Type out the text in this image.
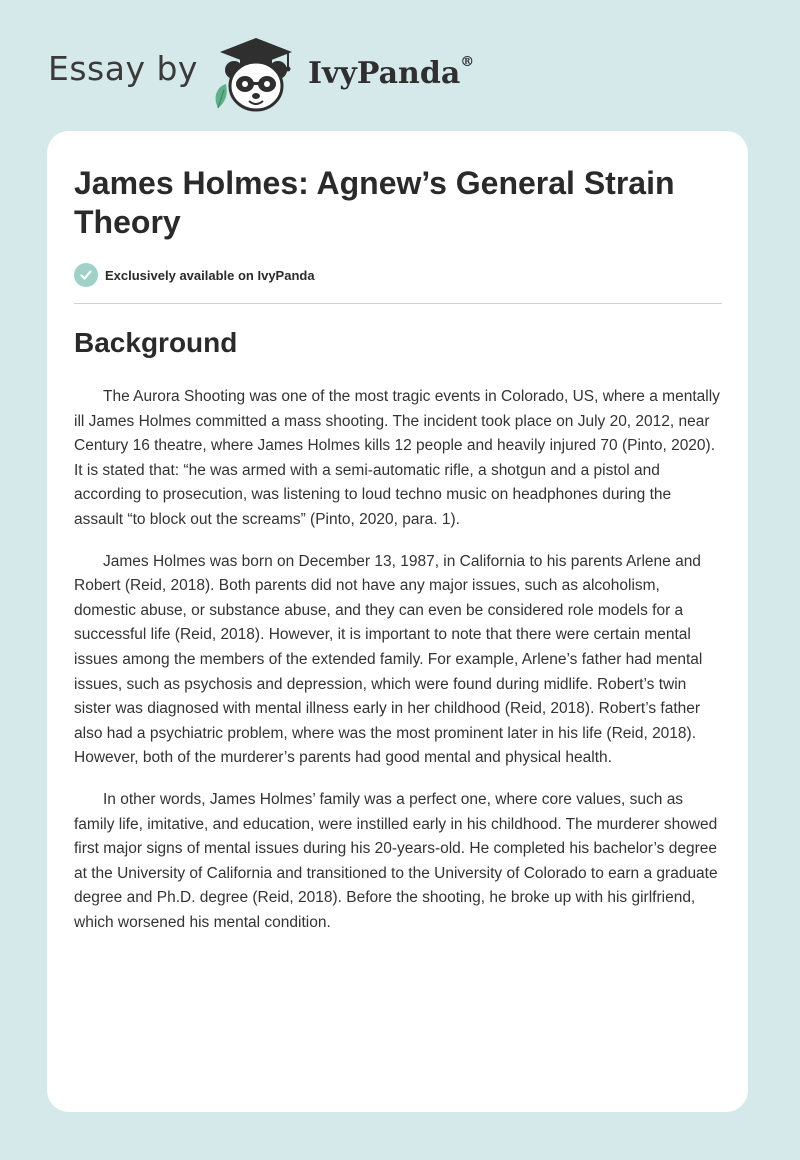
Essay by	IvyPanda®
James Holmes: Agnew’s General Strain Theory
Exclusively available on IvyPanda
Background

The Aurora Shooting was one of the most tragic events in Colorado, US, where a mentally ill James Holmes committed a mass shooting. The incident took place on July 20, 2012, near Century 16 theatre, where James Holmes kills 12 people and heavily injured 70 (Pinto, 2020). It is stated that: “he was armed with a semi-automatic rifle, a shotgun and a pistol and according to prosecution, was listening to loud techno music on headphones during the assault “to block out the screams” (Pinto, 2020, para. 1).

James Holmes was born on December 13, 1987, in California to his parents Arlene and Robert (Reid, 2018). Both parents did not have any major issues, such as alcoholism, domestic abuse, or substance abuse, and they can even be considered role models for a successful life (Reid, 2018). However, it is important to note that there were certain mental issues among the members of the extended family. For example, Arlene’s father had mental issues, such as psychosis and depression, which were found during midlife. Robert’s twin sister was diagnosed with mental illness early in her childhood (Reid, 2018). Robert’s father also had a psychiatric problem, where was the most prominent later in his life (Reid, 2018). However, both of the murderer’s parents had good mental and physical health.

In other words, James Holmes’ family was a perfect one, where core values, such as family life, imitative, and education, were instilled early in his childhood. The murderer showed first major signs of mental issues during his 20-years-old. He completed his bachelor’s degree at the University of California and transitioned to the University of Colorado to earn a graduate degree and Ph.D. degree (Reid, 2018). Before the shooting, he broke up with his girlfriend, which worsened his mental condition.
